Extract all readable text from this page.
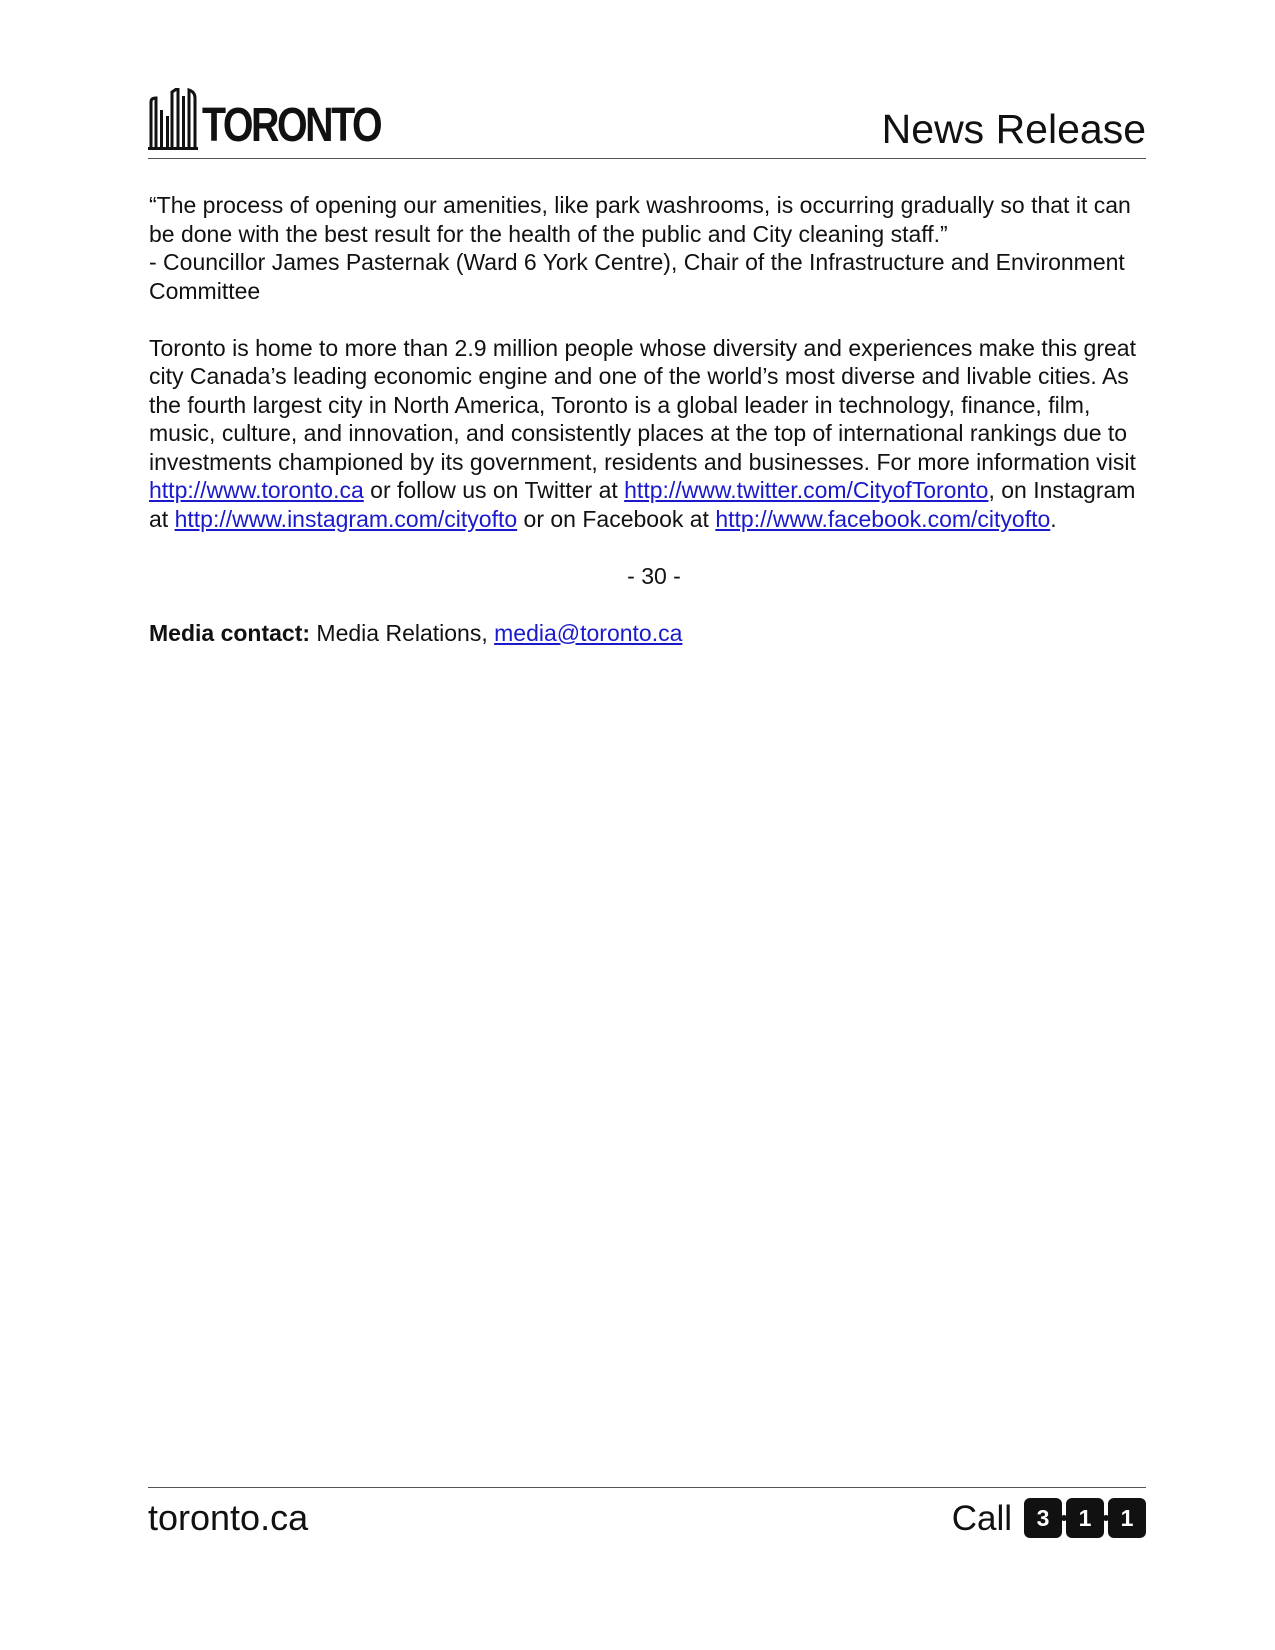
TORONTO	News Release

“The process of opening our amenities, like park washrooms, is occurring gradually so that it can be done with the best result for the health of the public and City cleaning staff.”
- Councillor James Pasternak (Ward 6 York Centre), Chair of the Infrastructure and Environment Committee

Toronto is home to more than 2.9 million people whose diversity and experiences make this great city Canada’s leading economic engine and one of the world’s most diverse and livable cities. As the fourth largest city in North America, Toronto is a global leader in technology, finance, film, music, culture, and innovation, and consistently places at the top of international rankings due to investments championed by its government, residents and businesses. For more information visit http://www.toronto.ca or follow us on Twitter at http://www.twitter.com/CityofToronto, on Instagram at http://www.instagram.com/cityofto or on Facebook at http://www.facebook.com/cityofto.

- 30 -

Media contact: Media Relations, media@toronto.ca

toronto.ca	Call	3	1	1
